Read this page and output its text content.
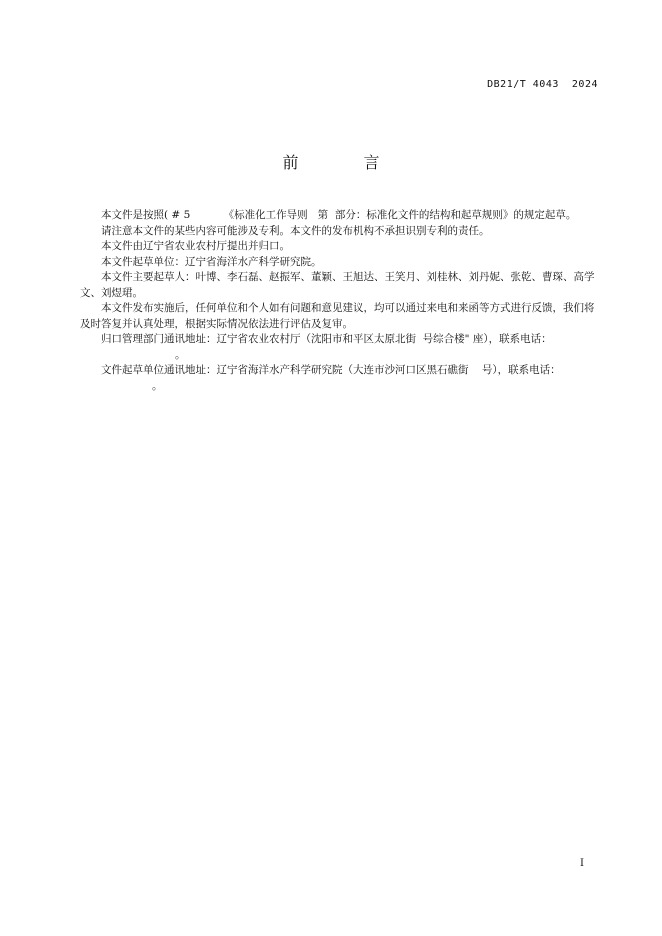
DB21/T 4043  2024
前 言

本文件是按照( # 5          《标准化工作导则   第  部分：标准化文件的结构和起草规则》的规定起草。

请注意本文件的某些内容可能涉及专利。本文件的发布机构不承担识别专利的责任。

本文件由辽宁省农业农村厅提出并归口。

本文件起草单位：辽宁省海洋水产科学研究院。

本文件主要起草人：叶博、李石磊、赵振军、董颖、王旭达、王笑月、刘桂林、刘丹妮、张乾、曹琛、高学文、刘煜珺。

本文件发布实施后，任何单位和个人如有问题和意见建议，均可以通过来电和来函等方式进行反馈，我们将及时答复并认真处理，根据实际情况依法进行评估及复审。

归口管理部门通讯地址：辽宁省农业农村厅（沈阳市和平区太原北街  号综合楼" 座），联系电话：

。

文件起草单位通讯地址：辽宁省海洋水产科学研究院（大连市沙河口区黑石礁街    号），联系电话：

。

I
